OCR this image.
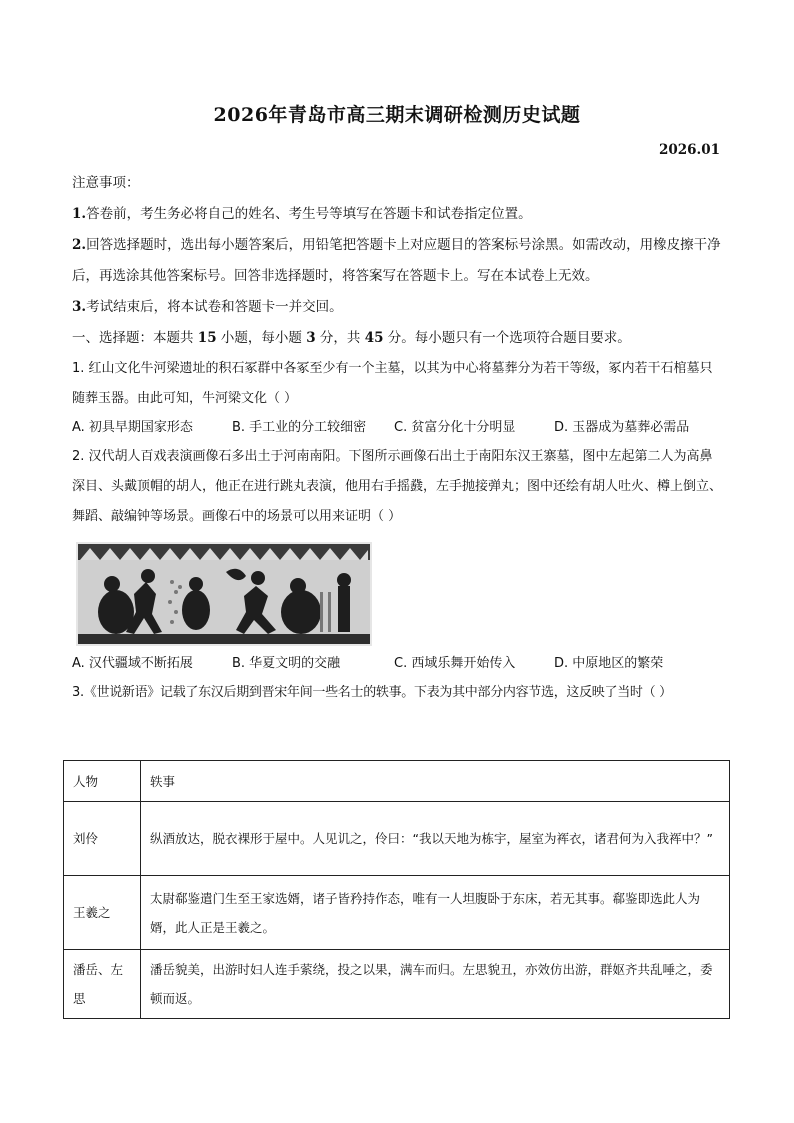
2026年青岛市高三期末调研检测历史试题
2026.01

注意事项：

1.答卷前，考生务必将自己的姓名、考生号等填写在答题卡和试卷指定位置。

2.回答选择题时，选出每小题答案后，用铅笔把答题卡上对应题目的答案标号涂黑。如需改动，用橡皮擦干净后，再选涂其他答案标号。回答非选择题时，将答案写在答题卡上。写在本试卷上无效。

3.考试结束后，将本试卷和答题卡一并交回。

一、选择题：本题共 15 小题，每小题 3 分，共 45 分。每小题只有一个选项符合题目要求。

1. 红山文化牛河梁遗址的积石冢群中各冢至少有一个主墓，以其为中心将墓葬分为若干等级，冢内若干石棺墓只随葬玉器。由此可知，牛河梁文化（ ）

A. 初具早期国家形态	B. 手工业的分工较细密	C. 贫富分化十分明显	D. 玉器成为墓葬必需品

2. 汉代胡人百戏表演画像石多出土于河南南阳。下图所示画像石出土于南阳东汉王寨墓，图中左起第二人为高鼻深目、头戴顶帽的胡人，他正在进行跳丸表演，他用右手摇鼗，左手抛接弹丸；图中还绘有胡人吐火、樽上倒立、舞蹈、敲编钟等场景。画像石中的场景可以用来证明（ ）

A. 汉代疆域不断拓展	B. 华夏文明的交融	C. 西域乐舞开始传入	D. 中原地区的繁荣

3.《世说新语》记载了东汉后期到晋宋年间一些名士的轶事。下表为其中部分内容节选，这反映了当时（ ）

人物	轶事
刘伶	纵酒放达，脱衣裸形于屋中。人见讥之，伶曰：“我以天地为栋宇，屋室为裈衣，诸君何为入我裈中？”
王羲之	太尉郗鉴遣门生至王家选婿，诸子皆矜持作态，唯有一人坦腹卧于东床，若无其事。郗鉴即选此人为婿，此人正是王羲之。
潘岳、左思	潘岳貌美，出游时妇人连手萦绕，投之以果，满车而归。左思貌丑，亦效仿出游，群妪齐共乱唾之，委顿而返。
